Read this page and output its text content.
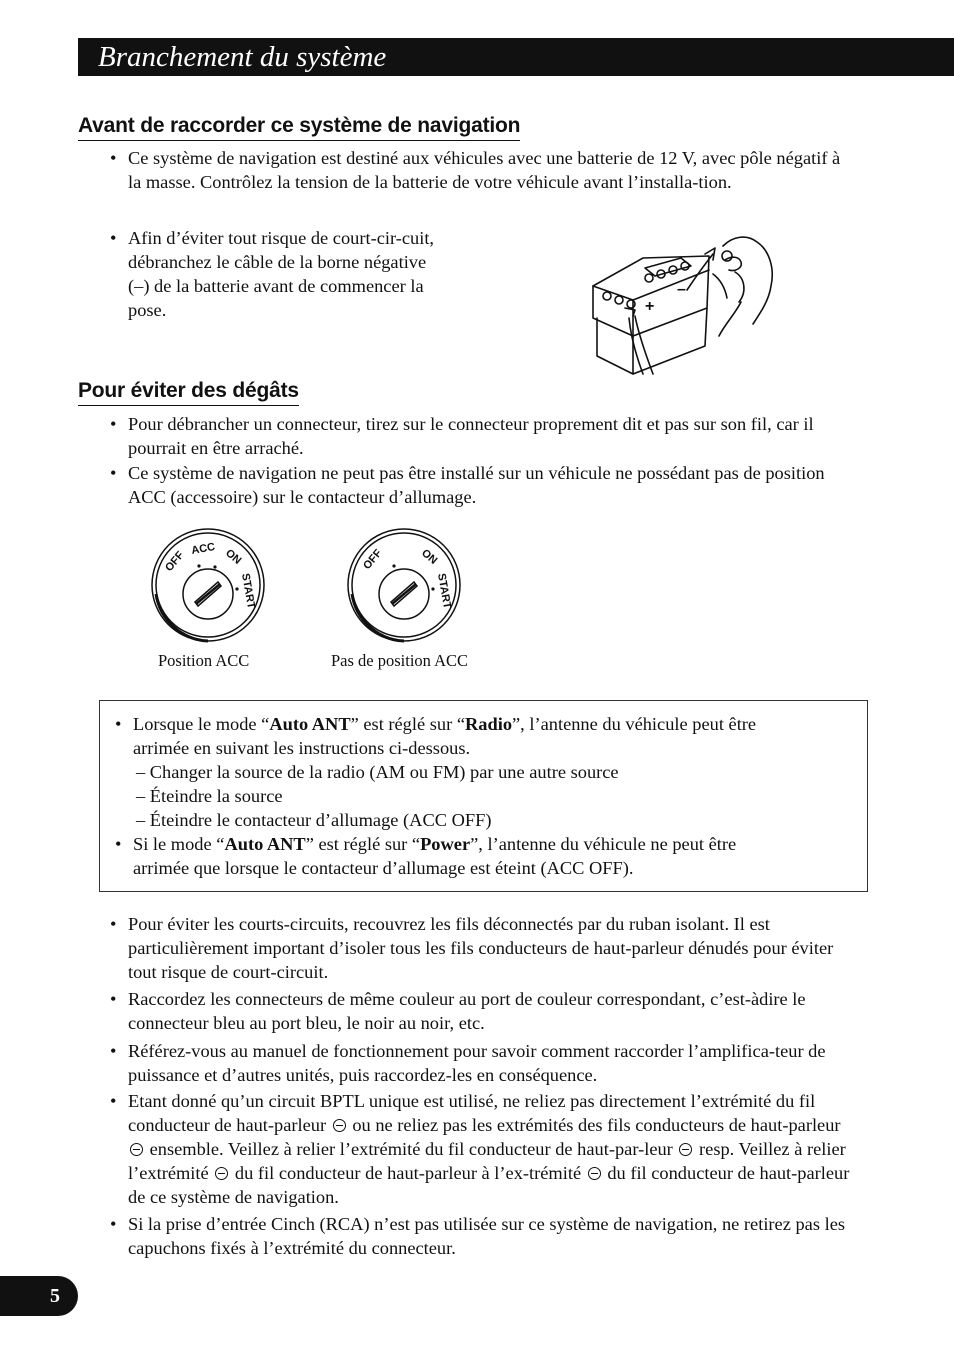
Branchement du système
Avant de raccorder ce système de navigation

• Ce système de navigation est destiné aux véhicules avec une batterie de 12 V, avec pôle négatif à la masse. Contrôlez la tension de la batterie de votre véhicule avant l’installa-tion.

• Afin d’éviter tout risque de court-cir-cuit, débranchez le câble de la borne négative (–) de la batterie avant de commencer la pose.	+
–
Pour éviter des dégâts

• Pour débrancher un connecteur, tirez sur le connecteur proprement dit et pas sur son fil, car il pourrait en être arraché.

• Ce système de navigation ne peut pas être installé sur un véhicule ne possédant pas de position ACC (accessoire) sur le contacteur d’allumage.

OFF
ACC ON
START
OFF	ON
START
Position ACC	Pas de position ACC

• Lorsque le mode “Auto ANT” est réglé sur “Radio”, l’antenne du véhicule peut être

arrimée en suivant les instructions ci-dessous.

– Changer la source de la radio (AM ou FM) par une autre source

– Éteindre la source

– Éteindre le contacteur d’allumage (ACC OFF)

• Si le mode “Auto ANT” est réglé sur “Power”, l’antenne du véhicule ne peut être

arrimée que lorsque le contacteur d’allumage est éteint (ACC OFF).

• Pour éviter les courts-circuits, recouvrez les fils déconnectés par du ruban isolant. Il est particulièrement important d’isoler tous les fils conducteurs de haut-parleur dénudés pour éviter tout risque de court-circuit.

• Raccordez les connecteurs de même couleur au port de couleur correspondant, c’est-àdire le connecteur bleu au port bleu, le noir au noir, etc.

• Référez-vous au manuel de fonctionnement pour savoir comment raccorder l’amplifica-teur de puissance et d’autres unités, puis raccordez-les en conséquence.

• Etant donné qu’un circuit BPTL unique est utilisé, ne reliez pas directement l’extrémité du fil conducteur de haut-parleur ou ne reliez pas les extrémités des fils conducteurs de haut-parleur  ensemble. Veillez à relier l’extrémité du fil conducteur de haut-par-leur resp. Veillez à relier l’extrémité du fil conducteur de haut-parleur à l’ex-trémité du fil conducteur de haut-parleur de ce système de navigation.

• Si la prise d’entrée Cinch (RCA) n’est pas utilisée sur ce système de navigation, ne retirez pas les capuchons fixés à l’extrémité du connecteur.

5
